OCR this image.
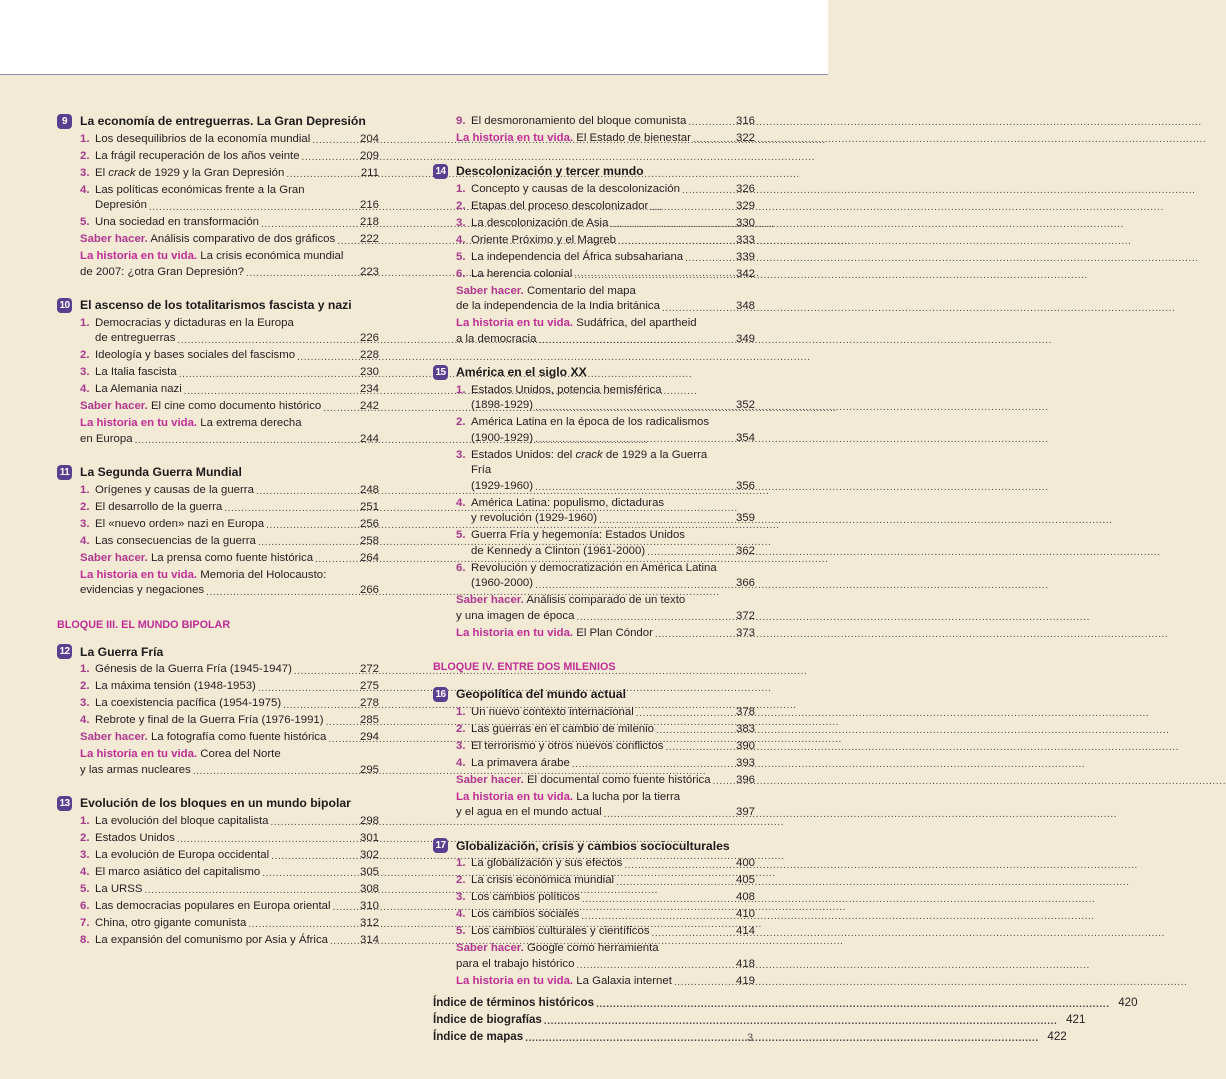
9	La economía de entreguerras. La Gran Depresión
1. Los desequilibrios de la economía mundial .....	204
2. La frágil recuperación de los años veinte .....	209
3. El crack de 1929 y la Gran Depresión .....	211
4. Las políticas económicas frente a la Gran
Depresión .....	216
5. Una sociedad en transformación .....	218
Saber hacer. Análisis comparativo de dos gráficos .....	222
La historia en tu vida. La crisis económica mundial
de 2007: ¿otra Gran Depresión? .....	223
10 El ascenso de los totalitarismos fascista y nazi
1. Democracias y dictaduras en la Europa
de entreguerras .....	226
2. Ideología y bases sociales del fascismo .....	228
3. La Italia fascista .....	230
4. La Alemania nazi .....	234
Saber hacer. El cine como documento histórico .....	242
La historia en tu vida. La extrema derecha
en Europa .....	244
11 La Segunda Guerra Mundial
1. Orígenes y causas de la guerra .....	248
2. El desarrollo de la guerra .....	251
3. El «nuevo orden» nazi en Europa .....	256
4. Las consecuencias de la guerra .....	258
Saber hacer. La prensa como fuente histórica .....	264
La historia en tu vida. Memoria del Holocausto:
evidencias y negaciones .....	266
BLOQUE III. EL MUNDO BIPOLAR
12 La Guerra Fría
1. Génesis de la Guerra Fría (1945-1947) .....	272
2. La máxima tensión (1948-1953) .....	275
3. La coexistencia pacífica (1954-1975) .....	278
4. Rebrote y final de la Guerra Fría (1976-1991) .....	285
Saber hacer. La fotografía como fuente histórica .....	294
La historia en tu vida. Corea del Norte
y las armas nucleares .....	295
13 Evolución de los bloques en un mundo bipolar
1. La evolución del bloque capitalista .....	298
2. Estados Unidos .....	301
3. La evolución de Europa occidental .....	302
4. El marco asiático del capitalismo .....	305
5. La URSS .....	308
6. Las democracias populares en Europa oriental .....	310
7. China, otro gigante comunista .....	312
8. La expansión del comunismo por Asia y África .....	314
9. El desmoronamiento del bloque comunista .....	316
La historia en tu vida. El Estado de bienestar .....	322
14 Descolonización y tercer mundo
1. Concepto y causas de la descolonización .....	326
2. Etapas del proceso descolonizador .....	329
3. La descolonización de Asia .....	330
4. Oriente Próximo y el Magreb .....	333
5. La independencia del África subsahariana .....	339
6. La herencia colonial .....	342
Saber hacer. Comentario del mapa
de la independencia de la India británica .....	348
La historia en tu vida. Sudáfrica, del apartheid
a la democracia .....	349
15 América en el siglo XX
1. Estados Unidos, potencia hemisférica
(1898-1929) .....	352
2. América Latina en la época de los radicalismos
(1900-1929) .....	354
3. Estados Unidos: del crack de 1929 a la Guerra Fría
(1929-1960) .....	356
4. América Latina: populismo, dictaduras
y revolución (1929-1960) .....	359
5. Guerra Fría y hegemonía: Estados Unidos
de Kennedy a Clinton (1961-2000) .....	362
6. Revolución y democratización en América Latina
(1960-2000) .....	366
Saber hacer. Análisis comparado de un texto
y una imagen de época .....	372
La historia en tu vida. El Plan Cóndor .....	373
BLOQUE IV. ENTRE DOS MILENIOS
16 Geopolítica del mundo actual
1. Un nuevo contexto internacional .....	378
2. Las guerras en el cambio de milenio .....	383
3. El terrorismo y otros nuevos conflictos .....	390
4. La primavera árabe .....	393
Saber hacer. El documental como fuente histórica .....	396
La historia en tu vida. La lucha por la tierra
y el agua en el mundo actual .....	397
17 Globalización, crisis y cambios socioculturales
1. La globalización y sus efectos .....	400
2. La crisis económica mundial .....	405
3. Los cambios políticos .....	408
4. Los cambios sociales .....	410
5. Los cambios culturales y científicos .....	414
Saber hacer. Google como herramienta
para el trabajo histórico .....	418
La historia en tu vida. La Galaxia internet .....	419
Índice de términos históricos .....	420
Índice de biografías .....	421
Índice de mapas .....	422
3
